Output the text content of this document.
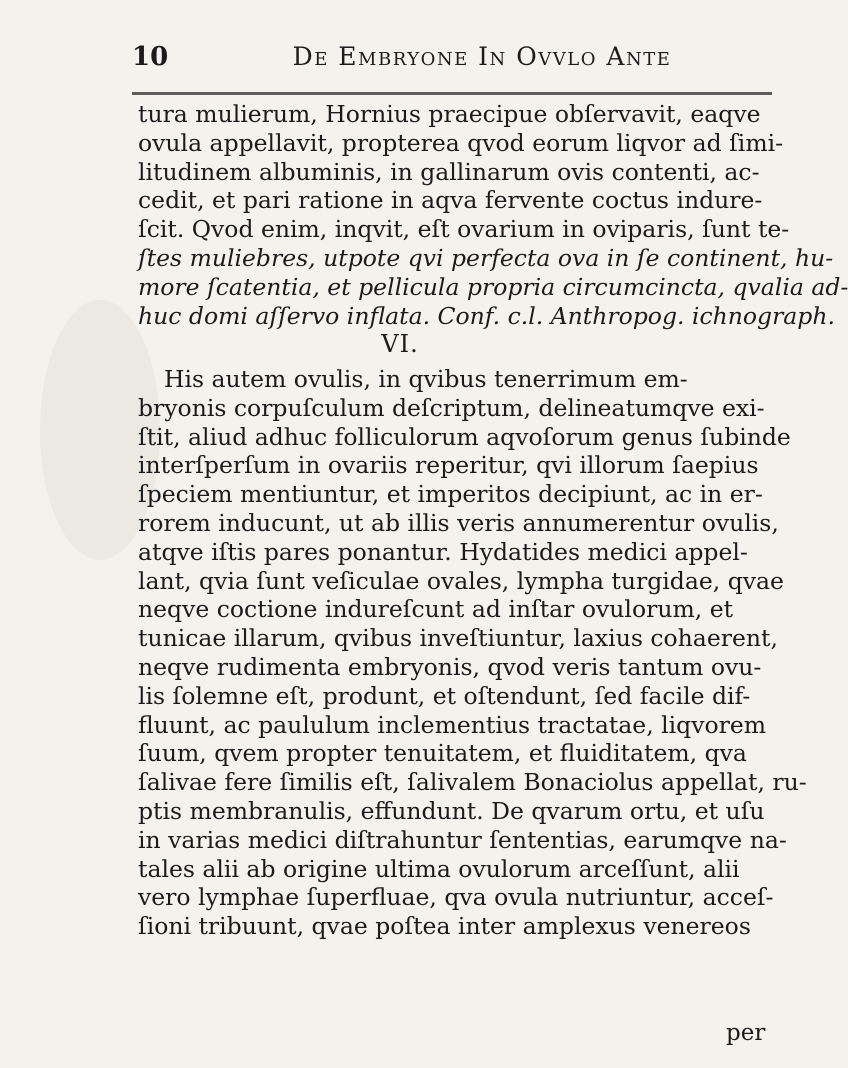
10	De Embryone In Ovvlo Ante
tura mulierum, Hornius praecipue obſervavit, eaqve
ovula appellavit, propterea qvod eorum liqvor ad ſimi-
litudinem albuminis, in gallinarum ovis contenti, ac-
cedit, et pari ratione in aqva fervente coctus indure-
ſcit. Qvod enim, inqvit, eſt ovarium in oviparis, ſunt te-
ſtes muliebres, utpote qvi perfecta ova in ſe continent, hu-
more ſcatentia, et pellicula propria circumcincta, qvalia ad-
huc domi aſſervo inflata. Conf. c.l. Anthropog. ichnograph.
VI.
His autem ovulis, in qvibus tenerrimum em-
bryonis corpuſculum deſcriptum, delineatumqve exi-
ſtit, aliud adhuc folliculorum aqvoſorum genus ſubinde
interſperſum in ovariis reperitur, qvi illorum ſaepius
ſpeciem mentiuntur, et imperitos decipiunt, ac in er-
rorem inducunt, ut ab illis veris annumerentur ovulis,
atqve iſtis pares ponantur. Hydatides medici appel-
lant, qvia ſunt veſiculae ovales, lympha turgidae, qvae
neqve coctione indureſcunt ad inſtar ovulorum, et
tunicae illarum, qvibus inveſtiuntur, laxius cohaerent,
neqve rudimenta embryonis, qvod veris tantum ovu-
lis ſolemne eſt, produnt, et oſtendunt, ſed facile dif-
fluunt, ac paululum inclementius tractatae, liqvorem
ſuum, qvem propter tenuitatem, et fluiditatem, qva
ſalivae fere ſimilis eſt, ſalivalem Bonaciolus appellat, ru-
ptis membranulis, effundunt. De qvarum ortu, et uſu
in varias medici diſtrahuntur ſententias, earumqve na-
tales alii ab origine ultima ovulorum arceſſunt, alii
vero lymphae ſuperfluae, qva ovula nutriuntur, acceſ-
ſioni tribuunt, qvae poſtea inter amplexus venereos
per
